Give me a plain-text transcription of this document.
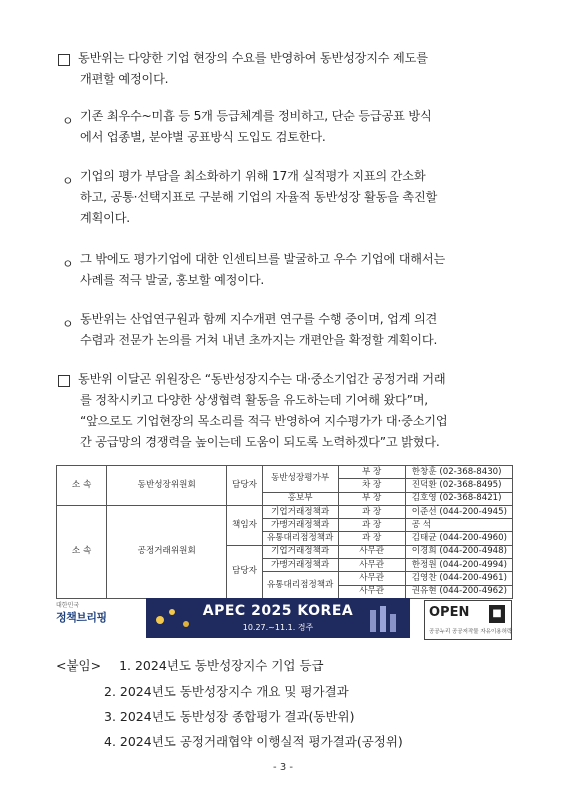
동반위는 다양한 기업 현장의 수요를 반영하여 동반성장지수 제도를
개편할 예정이다.
ㅇ 기존 최우수~미흡 등 5개 등급체계를 정비하고, 단순 등급공표 방식
에서 업종별, 분야별 공표방식 도입도 검토한다.
ㅇ 기업의 평가 부담을 최소화하기 위해 17개 실적평가 지표의 간소화
하고, 공통·선택지표로 구분해 기업의 자율적 동반성장 활동을 촉진할
계획이다.
ㅇ 그 밖에도 평가기업에 대한 인센티브를 발굴하고 우수 기업에 대해서는
사례를 적극 발굴, 홍보할 예정이다.
ㅇ 동반위는 산업연구원과 함께 지수개편 연구를 수행 중이며, 업계 의견
수렴과 전문가 논의를 거쳐 내년 초까지는 개편안을 확정할 계획이다.
동반위 이달곤 위원장은 “동반성장지수는 대·중소기업간 공정거래 거래
를 정착시키고 다양한 상생협력 활동을 유도하는데 기여해 왔다”며,
“앞으로도 기업현장의 목소리를 적극 반영하여 지수평가가 대·중소기업
간 공급망의 경쟁력을 높이는데 도움이 되도록 노력하겠다”고 밝혔다.
소 속	동반성장위원회	담당자	동반성장평가부	부 장	한창훈 (02-368-8430)
				차 장	진덕환 (02-368-8495)
			홍보부	부 장	김호영 (02-368-8421)
소 속	공정거래위원회	책임자	기업거래정책과	과 장	이준선 (044-200-4945)
			가맹거래정책과	과 장	공 석
			유통대리점정책과	과 장	김태균 (044-200-4960)
		담당자	기업거래정책과	사무관	이경희 (044-200-4948)
			가맹거래정책과	사무관	한정원 (044-200-4994)
			유통대리점정책과	사무관	김영찬 (044-200-4961)
				사무관	권유현 (044-200-4962)
대한민국
정책브리핑	APEC 2025 KOREA
10.27.~11.1. 경주
OPEN	■
공공누리 공공저작물 자유이용허락
<붙임> 1. 2024년도 동반성장지수 기업 등급
2. 2024년도 동반성장지수 개요 및 평가결과
3. 2024년도 동반성장 종합평가 결과(동반위)
4. 2024년도 공정거래협약 이행실적 평가결과(공정위)
- 3 -
